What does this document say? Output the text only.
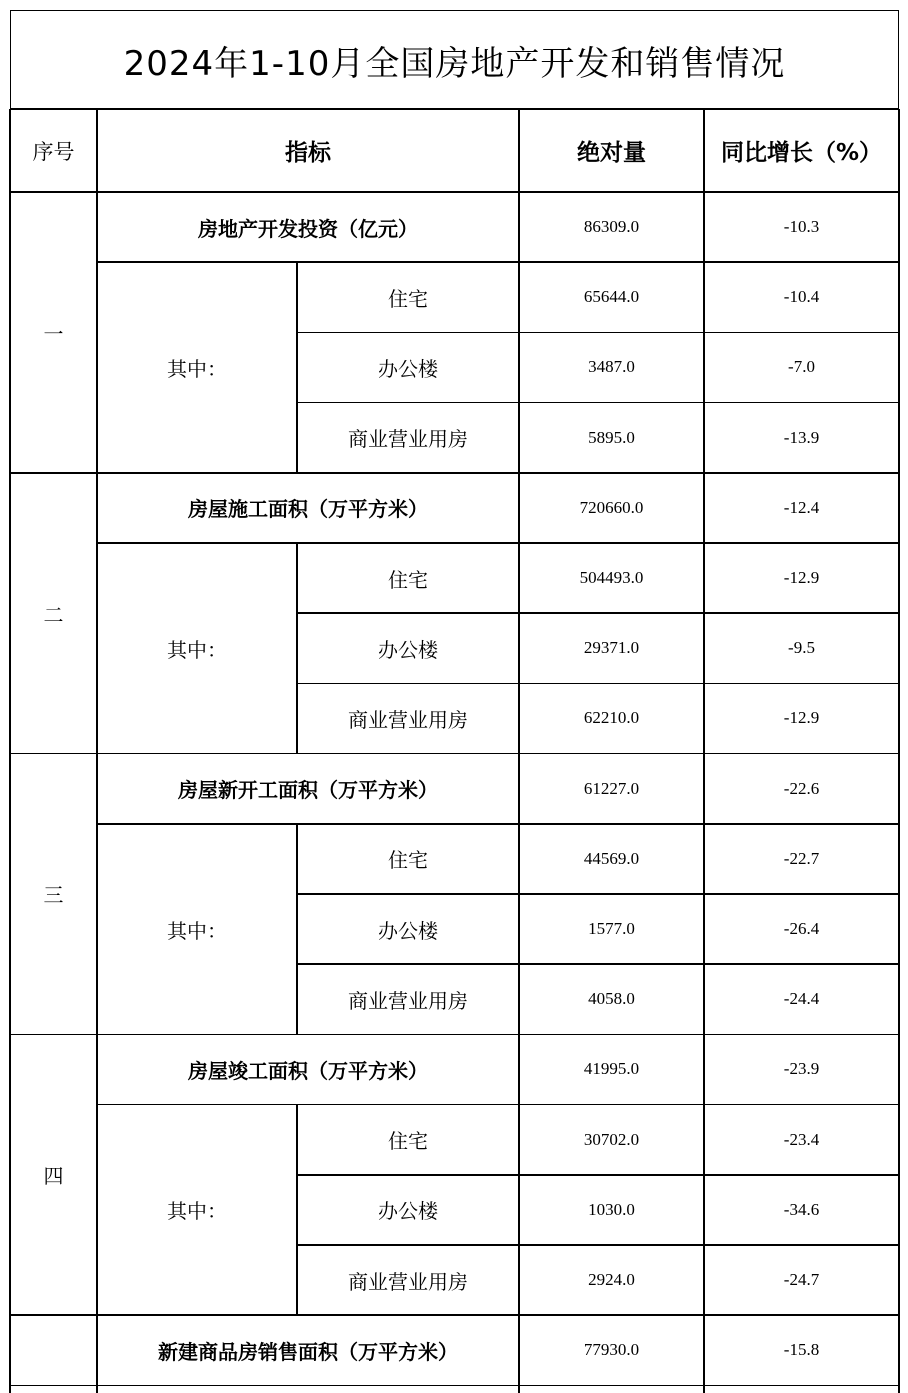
2024年1-10月全国房地产开发和销售情况
序号	指标	绝对量	同比增长（%）
一
房地产开发投资（亿元）	86309.0	-10.3
其中：
住宅	65644.0	-10.4
办公楼	3487.0	-7.0
商业营业用房	5895.0	-13.9
二
房屋施工面积（万平方米）	720660.0	-12.4
其中：
住宅	504493.0	-12.9
办公楼	29371.0	-9.5
商业营业用房	62210.0	-12.9
三
房屋新开工面积（万平方米）	61227.0	-22.6
其中：
住宅	44569.0	-22.7
办公楼	1577.0	-26.4
商业营业用房	4058.0	-24.4
四
房屋竣工面积（万平方米）	41995.0	-23.9
其中：
住宅	30702.0	-23.4
办公楼	1030.0	-34.6
商业营业用房	2924.0	-24.7
新建商品房销售面积（万平方米）	77930.0	-15.8
